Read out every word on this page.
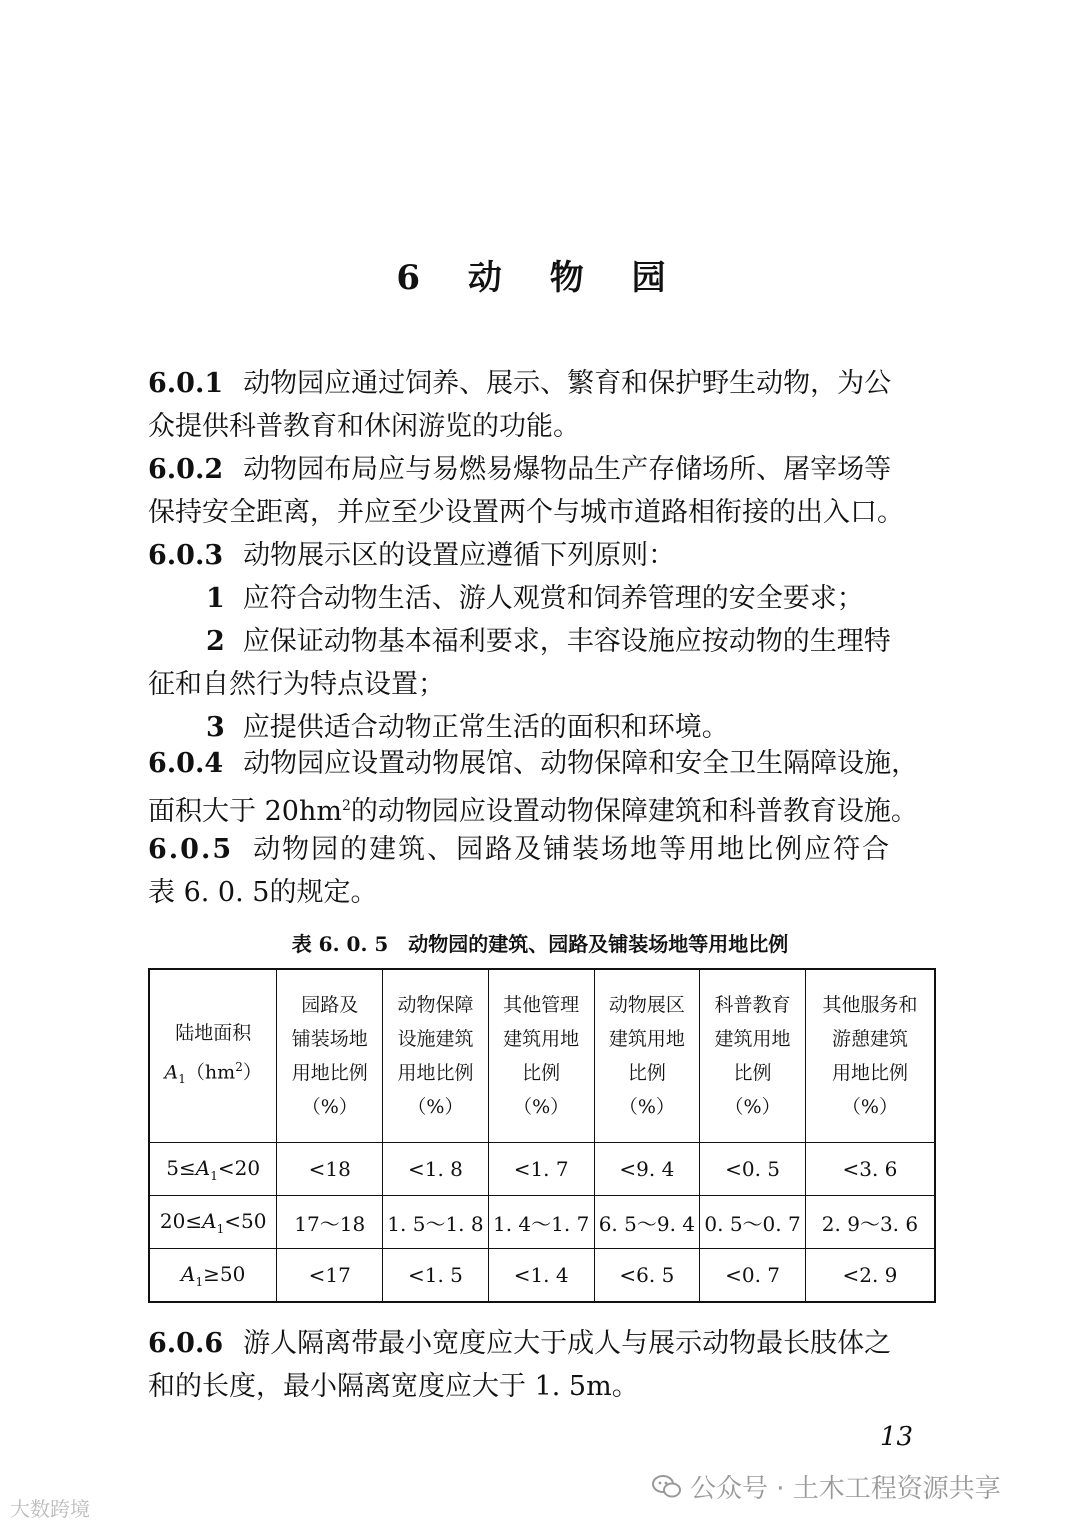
6 动 物 园

6.0.1 动物园应通过饲养、展示、繁育和保护野生动物，为公

众提供科普教育和休闲游览的功能。

6.0.2 动物园布局应与易燃易爆物品生产存储场所、屠宰场等

保持安全距离，并应至少设置两个与城市道路相衔接的出入口。

6.0.3 动物展示区的设置应遵循下列原则：

1 应符合动物生活、游人观赏和饲养管理的安全要求；

2 应保证动物基本福利要求，丰容设施应按动物的生理特

征和自然行为特点设置；

3 应提供适合动物正常生活的面积和环境。

6.0.4 动物园应设置动物展馆、动物保障和安全卫生隔障设施，

面积大于 $20hm^2$的动物园应设置动物保障建筑和科普教育设施。

6.0.5 动物园的建筑、园路及铺装场地等用地比例应符合

表 6. 0. 5的规定。

表 6. 0. 5　动物园的建筑、园路及铺装场地等用地比例
陆地面积
$A_1(hm^2)$	园路及
铺装场地
用地比例
（%）	动物保障
设施建筑
用地比例
（%）	其他管理
建筑用地
比例
（%）	动物展区
建筑用地
比例
（%）	科普教育
建筑用地
比例
（%）	其他服务和
游憩建筑
用地比例
（%）
$5\le A_1<20$	<18	<1. 8	<1. 7	<9. 4	<0. 5	<3. 6
$20\le A_1<50$	17～18	1. 5～1. 8	1. 4～1. 7	6. 5～9. 4	0. 5～0. 7	2. 9～3. 6
$A_1\ge 50$	<17	<1. 5	<1. 4	<6. 5	<0. 7	<2. 9

6.0.6 游人隔离带最小宽度应大于成人与展示动物最长肢体之

和的长度，最小隔离宽度应大于 1. 5m。

13
大数跨境
公众号 · 土木工程资源共享
